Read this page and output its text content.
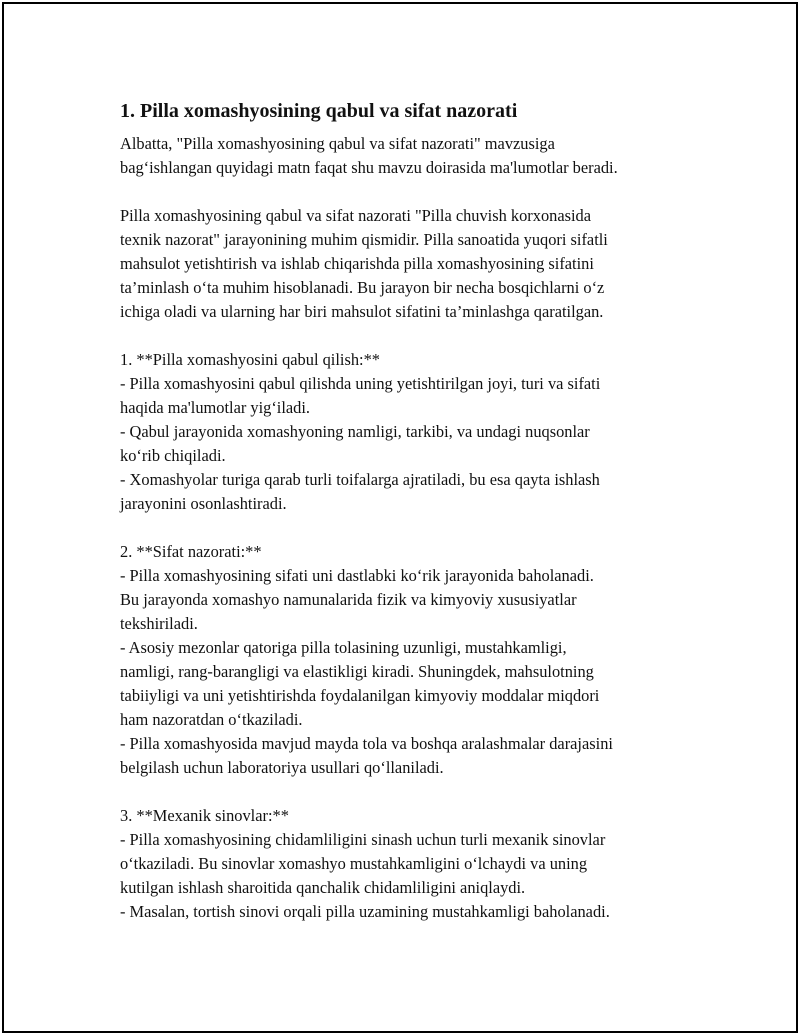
1. Pilla xomashyosining qabul va sifat nazorati

Albatta, "Pilla xomashyosining qabul va sifat nazorati" mavzusiga
bag‘ishlangan quyidagi matn faqat shu mavzu doirasida ma'lumotlar beradi.

Pilla xomashyosining qabul va sifat nazorati "Pilla chuvish korxonasida
texnik nazorat" jarayonining muhim qismidir. Pilla sanoatida yuqori sifatli
mahsulot yetishtirish va ishlab chiqarishda pilla xomashyosining sifatini
ta’minlash o‘ta muhim hisoblanadi. Bu jarayon bir necha bosqichlarni o‘z
ichiga oladi va ularning har biri mahsulot sifatini ta’minlashga qaratilgan.

1. **Pilla xomashyosini qabul qilish:**

- Pilla xomashyosini qabul qilishda uning yetishtirilgan joyi, turi va sifati
haqida ma'lumotlar yig‘iladi.
- Qabul jarayonida xomashyoning namligi, tarkibi, va undagi nuqsonlar
ko‘rib chiqiladi.
- Xomashyolar turiga qarab turli toifalarga ajratiladi, bu esa qayta ishlash
jarayonini osonlashtiradi.

2. **Sifat nazorati:**

- Pilla xomashyosining sifati uni dastlabki ko‘rik jarayonida baholanadi.
Bu jarayonda xomashyo namunalarida fizik va kimyoviy xususiyatlar
tekshiriladi.
- Asosiy mezonlar qatoriga pilla tolasining uzunligi, mustahkamligi,
namligi, rang-barangligi va elastikligi kiradi. Shuningdek, mahsulotning
tabiiyligi va uni yetishtirishda foydalanilgan kimyoviy moddalar miqdori
ham nazoratdan o‘tkaziladi.
- Pilla xomashyosida mavjud mayda tola va boshqa aralashmalar darajasini
belgilash uchun laboratoriya usullari qo‘llaniladi.

3. **Mexanik sinovlar:**

- Pilla xomashyosining chidamliligini sinash uchun turli mexanik sinovlar
o‘tkaziladi. Bu sinovlar xomashyo mustahkamligini o‘lchaydi va uning
kutilgan ishlash sharoitida qanchalik chidamliligini aniqlaydi.
- Masalan, tortish sinovi orqali pilla uzamining mustahkamligi baholanadi.
